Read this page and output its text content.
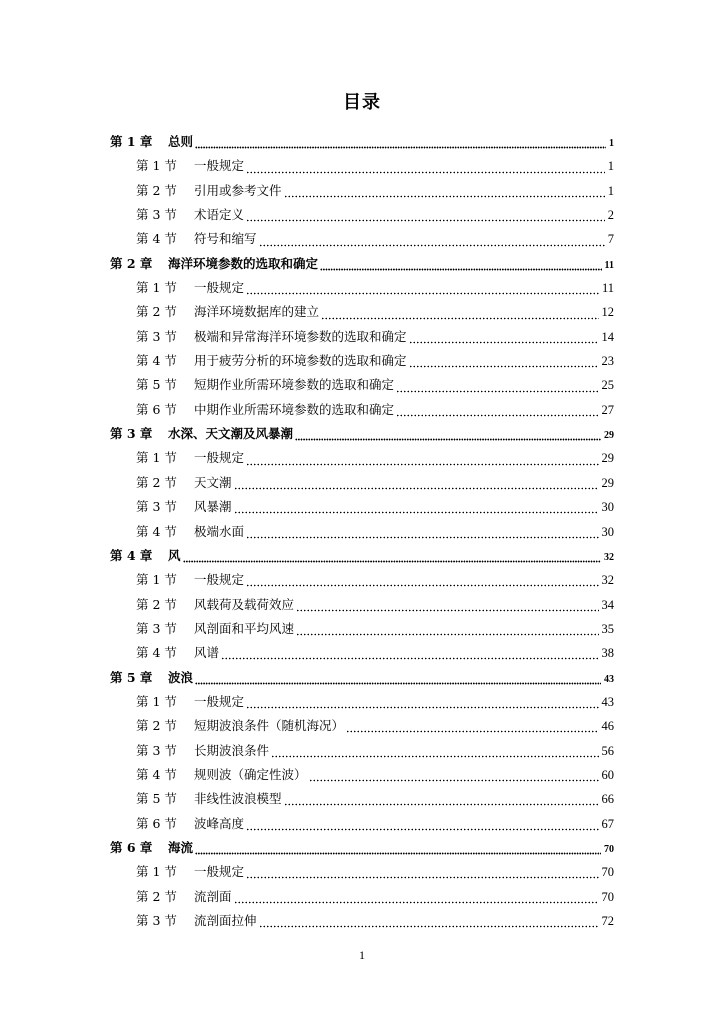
目录
第 1 章	总则	1
第 1 节	一般规定	1
第 2 节	引用或参考文件	1
第 3 节	术语定义	2
第 4 节	符号和缩写	7
第 2 章	海洋环境参数的选取和确定	11
第 1 节	一般规定	11
第 2 节	海洋环境数据库的建立	12
第 3 节	极端和异常海洋环境参数的选取和确定	14
第 4 节	用于疲劳分析的环境参数的选取和确定	23
第 5 节	短期作业所需环境参数的选取和确定	25
第 6 节	中期作业所需环境参数的选取和确定	27
第 3 章	水深、天文潮及风暴潮	29
第 1 节	一般规定	29
第 2 节	天文潮	29
第 3 节	风暴潮	30
第 4 节	极端水面	30
第 4 章	风	32
第 1 节	一般规定	32
第 2 节	风载荷及载荷效应	34
第 3 节	风剖面和平均风速	35
第 4 节	风谱	38
第 5 章	波浪	43
第 1 节	一般规定	43
第 2 节	短期波浪条件（随机海况）	46
第 3 节	长期波浪条件	56
第 4 节	规则波（确定性波）	60
第 5 节	非线性波浪模型	66
第 6 节	波峰高度	67
第 6 章	海流	70
第 1 节	一般规定	70
第 2 节	流剖面	70
第 3 节	流剖面拉伸	72
1
